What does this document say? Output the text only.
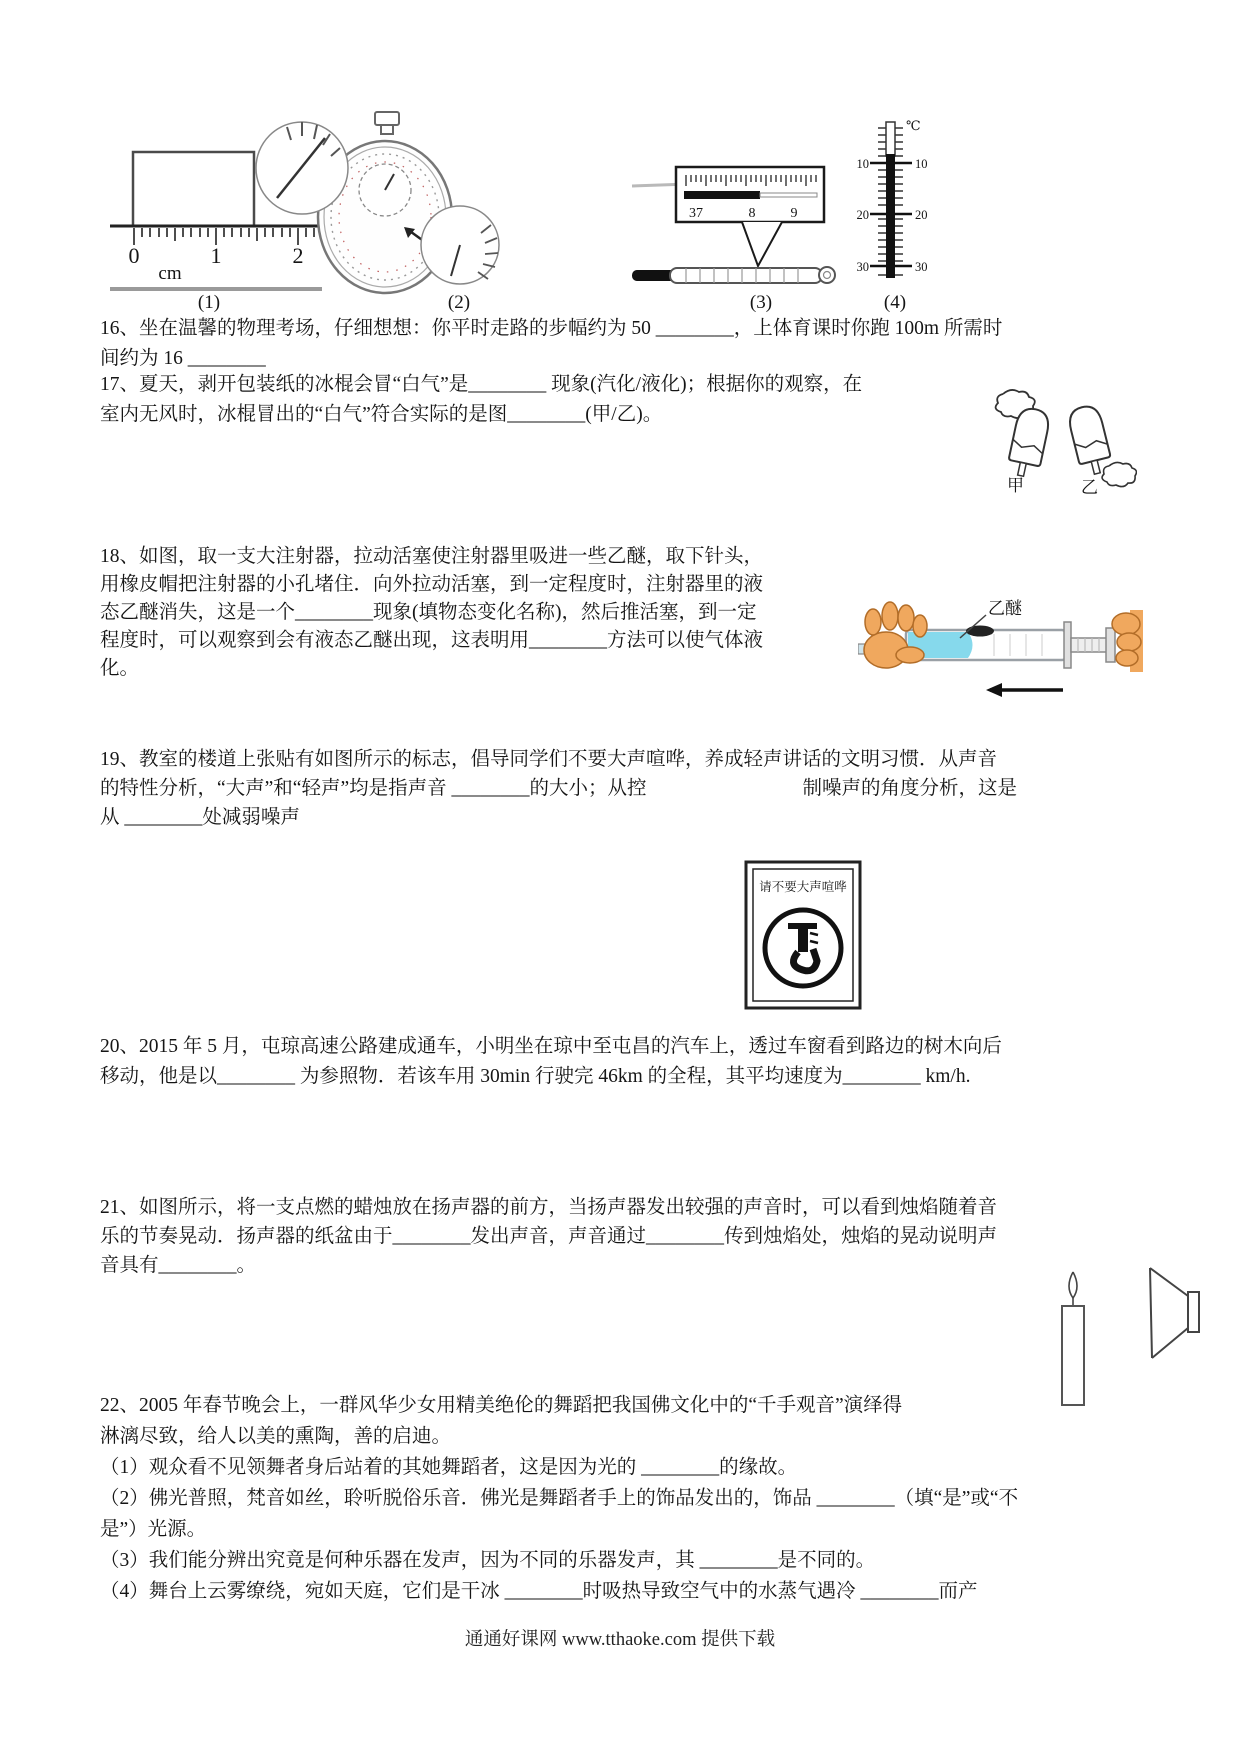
0
cm
1	2
37	8	9
℃
10
20
30
10
20
30
(1)	(2)	(3)	(4)
16、坐在温馨的物理考场，仔细想想：你平时走路的步幅约为 50 ________，上体育课时你跑 100m 所需时
间约为 16 ________
17、夏天，剥开包装纸的冰棍会冒“白气”是________ 现象(汽化/液化)；根据你的观察，在
室内无风时，冰棍冒出的“白气”符合实际的是图________(甲/乙)。
甲	乙
18、如图，取一支大注射器，拉动活塞使注射器里吸进一些乙醚，取下针头，
用橡皮帽把注射器的小孔堵住．向外拉动活塞，到一定程度时，注射器里的液
态乙醚消失，这是一个________现象(填物态变化名称)，然后推活塞，到一定
程度时，可以观察到会有液态乙醚出现，这表明用________方法可以使气体液
化。
乙醚
19、教室的楼道上张贴有如图所示的标志，倡导同学们不要大声喧哗，养成轻声讲话的文明习惯．从声音
的特性分析，“大声”和“轻声”均是指声音 ________的大小；从控　　　　　　　　制噪声的角度分析，这是
从 ________处减弱噪声
请不要大声喧哗
20、2015 年 5 月，屯琼高速公路建成通车，小明坐在琼中至屯昌的汽车上，透过车窗看到路边的树木向后
移动，他是以________ 为参照物．若该车用 30min 行驶完 46km 的全程，其平均速度为________ km/h.
21、如图所示，将一支点燃的蜡烛放在扬声器的前方，当扬声器发出较强的声音时，可以看到烛焰随着音
乐的节奏晃动．扬声器的纸盆由于________发出声音，声音通过________传到烛焰处，烛焰的晃动说明声
音具有________。
22、2005 年春节晚会上，一群风华少女用精美绝伦的舞蹈把我国佛文化中的“千手观音”演绎得
淋漓尽致，给人以美的熏陶，善的启迪。
（1）观众看不见领舞者身后站着的其她舞蹈者，这是因为光的 ________的缘故。
（2）佛光普照，梵音如丝，聆听脱俗乐音．佛光是舞蹈者手上的饰品发出的，饰品 ________（填“是”或“不
是”）光源。
（3）我们能分辨出究竟是何种乐器在发声，因为不同的乐器发声，其 ________是不同的。
（4）舞台上云雾缭绕，宛如天庭，它们是干冰 ________时吸热导致空气中的水蒸气遇冷 ________而产
通通好课网 www.tthaoke.com 提供下载
